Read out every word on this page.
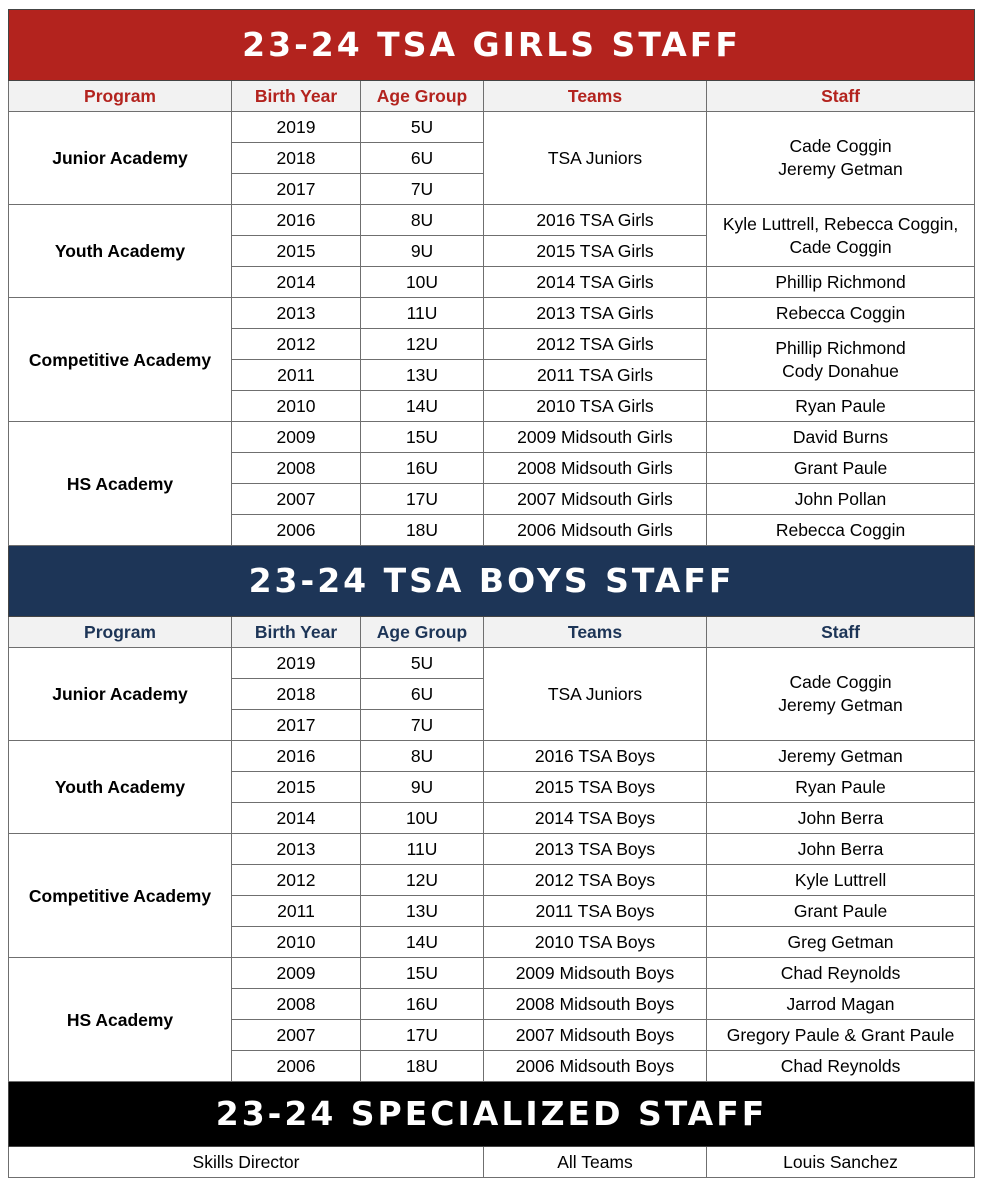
23-24 TSA GIRLS STAFF				
Program	Birth Year	Age Group	Teams	Staff
Junior Academy	2019	5U	TSA Juniors	Cade Coggin
Jeremy Getman
	2018	6U		
	2017	7U		
Youth Academy	2016	8U	2016 TSA Girls	Kyle Luttrell, Rebecca Coggin,
Cade Coggin
	2015	9U	2015 TSA Girls	
	2014	10U	2014 TSA Girls	Phillip Richmond
Competitive Academy	2013	11U	2013 TSA Girls	Rebecca Coggin
	2012	12U	2012 TSA Girls	Phillip Richmond
Cody Donahue
	2011	13U	2011 TSA Girls	
	2010	14U	2010 TSA Girls	Ryan Paule
HS Academy	2009	15U	2009 Midsouth Girls	David Burns
	2008	16U	2008 Midsouth Girls	Grant Paule
	2007	17U	2007 Midsouth Girls	John Pollan
	2006	18U	2006 Midsouth Girls	Rebecca Coggin
23-24 TSA BOYS STAFF				
Program	Birth Year	Age Group	Teams	Staff
Junior Academy	2019	5U	TSA Juniors	Cade Coggin
Jeremy Getman
	2018	6U		
	2017	7U		
Youth Academy	2016	8U	2016 TSA Boys	Jeremy Getman
	2015	9U	2015 TSA Boys	Ryan Paule
	2014	10U	2014 TSA Boys	John Berra
Competitive Academy	2013	11U	2013 TSA Boys	John Berra
	2012	12U	2012 TSA Boys	Kyle Luttrell
	2011	13U	2011 TSA Boys	Grant Paule
	2010	14U	2010 TSA Boys	Greg Getman
HS Academy	2009	15U	2009 Midsouth Boys	Chad Reynolds
	2008	16U	2008 Midsouth Boys	Jarrod Magan
	2007	17U	2007 Midsouth Boys	Gregory Paule & Grant Paule
	2006	18U	2006 Midsouth Boys	Chad Reynolds
23-24 SPECIALIZED STAFF				
Skills Director			All Teams	Louis Sanchez
